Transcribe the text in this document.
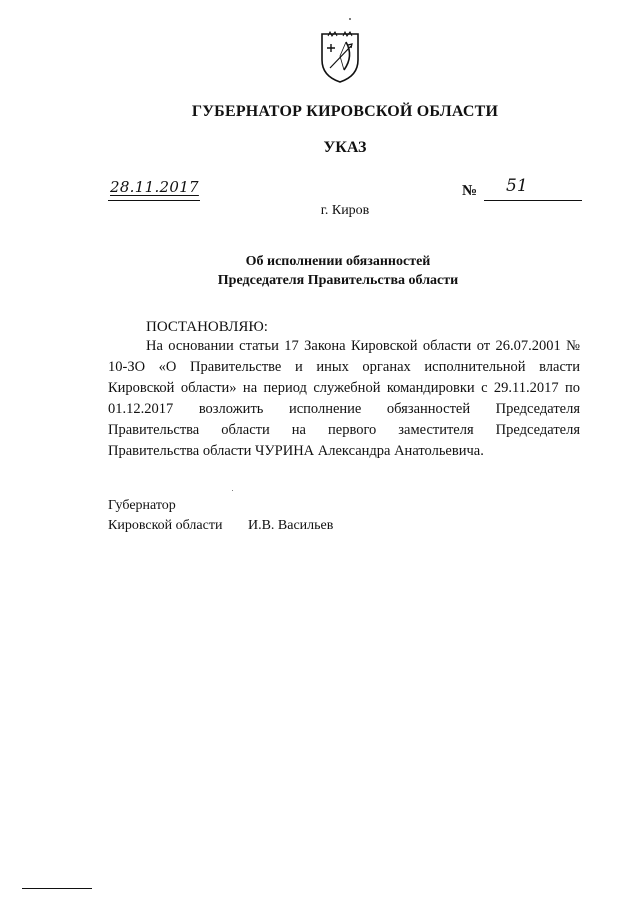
ГУБЕРНАТОР КИРОВСКОЙ ОБЛАСТИ
УКАЗ
28.11.2017	№ 51
г. Киров
Об исполнении обязанностей
Председателя Правительства области
ПОСТАНОВЛЯЮ:
На основании статьи 17 Закона Кировской области от 26.07.2001 № 10-ЗО «О Правительстве и иных органах исполнительной власти Кировской области» на период служебной командировки с 29.11.2017 по 01.12.2017 возложить исполнение обязанностей Председателя Правительства области на первого заместителя Председателя Правительства области ЧУРИНА Александра Анатольевича.
Губернатор
Кировской области И.В. Васильев
